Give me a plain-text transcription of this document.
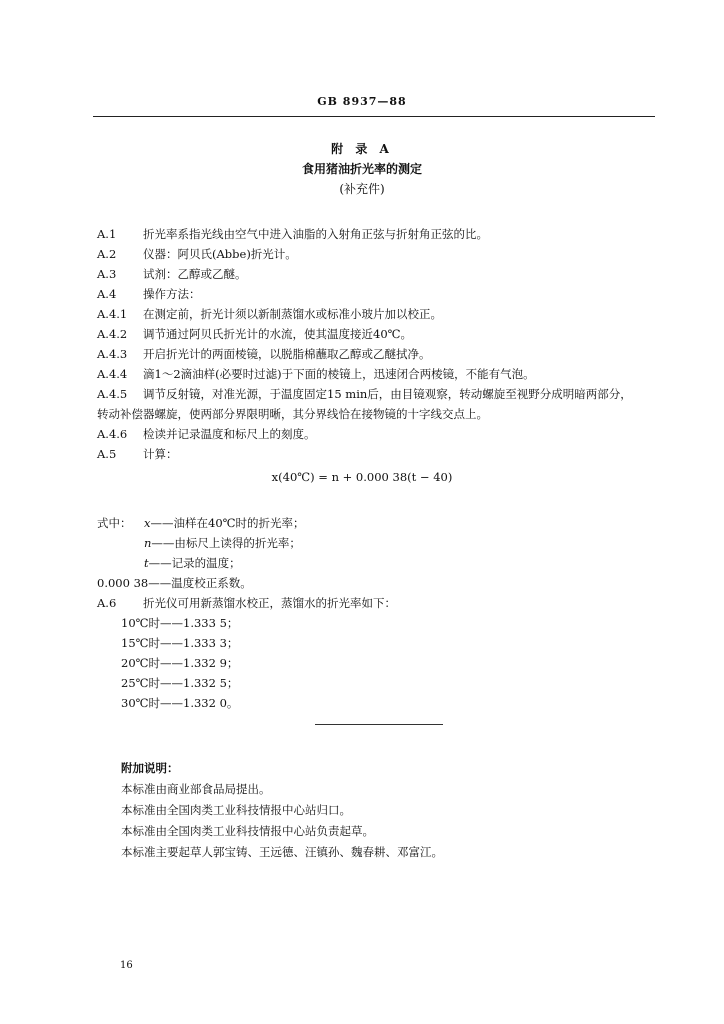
GB 8937—88
附 录 A
食用猪油折光率的测定
(补充件)
A.1 折光率系指光线由空气中进入油脂的入射角正弦与折射角正弦的比。
A.2 仪器：阿贝氏(Abbe)折光计。
A.3 试剂：乙醇或乙醚。
A.4 操作方法：
A.4.1 在测定前，折光计须以新制蒸馏水或标准小玻片加以校正。
A.4.2 调节通过阿贝氏折光计的水流，使其温度接近40℃。
A.4.3 开启折光计的两面棱镜，以脱脂棉蘸取乙醇或乙醚拭净。
A.4.4 滴1～2滴油样(必要时过滤)于下面的棱镜上，迅速闭合两棱镜，不能有气泡。
A.4.5 调节反射镜，对准光源，于温度固定15 min后，由目镜观察，转动螺旋至视野分成明暗两部分，
转动补偿器螺旋，使两部分界限明晰，其分界线恰在接物镜的十字线交点上。
A.4.6 检读并记录温度和标尺上的刻度。
A.5 计算：
x(40℃) = n + 0.000 38(t − 40)
式中： x——油样在40℃时的折光率；
n——由标尺上读得的折光率；
t——记录的温度；
0.000 38——温度校正系数。
A.6 折光仪可用新蒸馏水校正，蒸馏水的折光率如下：
10℃时——1.333 5；
15℃时——1.333 3；
20℃时——1.332 9；
25℃时——1.332 5；
30℃时——1.332 0。
附加说明：
本标准由商业部食品局提出。
本标准由全国肉类工业科技情报中心站归口。
本标准由全国肉类工业科技情报中心站负责起草。
本标准主要起草人郭宝铸、王远德、汪镇孙、魏春耕、邓富江。
16
